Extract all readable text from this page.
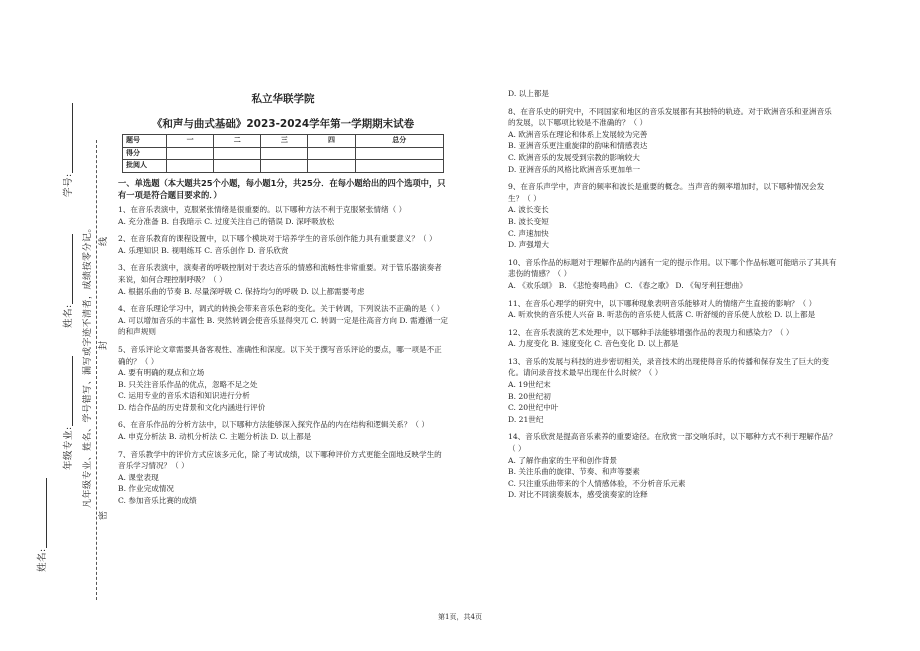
学号:
姓名:
年级专业:
姓名:
凡年级专业、姓名、学号错写、漏写或字迹不清者，成绩按零分记。 线
封
密
私立华联学院
《和声与曲式基础》2023-2024学年第一学期期末试卷
题号	一	二	三	四	总分
得分					
批阅人					
一、单选题（本大题共25个小题，每小题1分，共25分．在每小题给出的四个选项中，只有一项是符合题目要求的．）
1、在音乐表演中，克服紧张情绪是很重要的。以下哪种方法不利于克服紧张情绪（ ）
A. 充分准备 B. 自我暗示 C. 过度关注自己的错误 D. 深呼吸放松
2、在音乐教育的课程设置中，以下哪个模块对于培养学生的音乐创作能力具有重要意义？（ ）
A. 乐理知识 B. 视唱练耳 C. 音乐创作 D. 音乐欣赏
3、在音乐表演中，演奏者的呼吸控制对于表达音乐的情感和流畅性非常重要。对于管乐器演奏者来说，如何合理控制呼吸？（ ）
A. 根据乐曲的节奏 B. 尽量深呼吸 C. 保持均匀的呼吸 D. 以上都需要考虑
4、在音乐理论学习中，调式的转换会带来音乐色彩的变化。关于转调，下列说法不正确的是（ ）
A. 可以增加音乐的丰富性 B. 突然转调会使音乐显得突兀 C. 转调一定是往高音方向 D. 需遵循一定的和声规则
5、音乐评论文章需要具备客观性、准确性和深度。以下关于撰写音乐评论的要点，哪一项是不正确的？（ ）
A. 要有明确的观点和立场
B. 只关注音乐作品的优点，忽略不足之处
C. 运用专业的音乐术语和知识进行分析
D. 结合作品的历史背景和文化内涵进行评价
6、在音乐作品的分析方法中，以下哪种方法能够深入探究作品的内在结构和逻辑关系？（ ）
A. 申克分析法 B. 动机分析法 C. 主题分析法 D. 以上都是
7、音乐教学中的评价方式应该多元化，除了考试成绩，以下哪种评价方式更能全面地反映学生的音乐学习情况？（ ）
A. 课堂表现
B. 作业完成情况
C. 参加音乐比赛的成绩
D. 以上都是
8、在音乐史的研究中，不同国家和地区的音乐发展都有其独特的轨迹。对于欧洲音乐和亚洲音乐的发展，以下哪项比较是不准确的？（ ）
A. 欧洲音乐在理论和体系上发展较为完善
B. 亚洲音乐更注重旋律的韵味和情感表达
C. 欧洲音乐的发展受到宗教的影响较大
D. 亚洲音乐的风格比欧洲音乐更加单一
9、在音乐声学中，声音的频率和波长是重要的概念。当声音的频率增加时，以下哪种情况会发生？（ ）
A. 波长变长
B. 波长变短
C. 声速加快
D. 声强增大
10、音乐作品的标题对于理解作品的内涵有一定的提示作用。以下哪个作品标题可能暗示了其具有悲伤的情感？（ ）
A. 《欢乐颂》 B. 《悲怆奏鸣曲》 C. 《春之歌》 D. 《匈牙利狂想曲》
11、在音乐心理学的研究中，以下哪种现象表明音乐能够对人的情绪产生直接的影响？（ ）
A. 听欢快的音乐使人兴奋 B. 听悲伤的音乐使人低落 C. 听舒缓的音乐使人放松 D. 以上都是
12、在音乐表演的艺术处理中，以下哪种手法能够增强作品的表现力和感染力？（ ）
A. 力度变化 B. 速度变化 C. 音色变化 D. 以上都是
13、音乐的发展与科技的进步密切相关，录音技术的出现使得音乐的传播和保存发生了巨大的变化。请问录音技术最早出现在什么时候？（ ）
A. 19世纪末
B. 20世纪初
C. 20世纪中叶
D. 21世纪
14、音乐欣赏是提高音乐素养的重要途径。在欣赏一部交响乐时，以下哪种方式不利于理解作品？（ ）
A. 了解作曲家的生平和创作背景
B. 关注乐曲的旋律、节奏、和声等要素
C. 只注重乐曲带来的个人情感体验，不分析音乐元素
D. 对比不同演奏版本，感受演奏家的诠释
第1页，共4页
